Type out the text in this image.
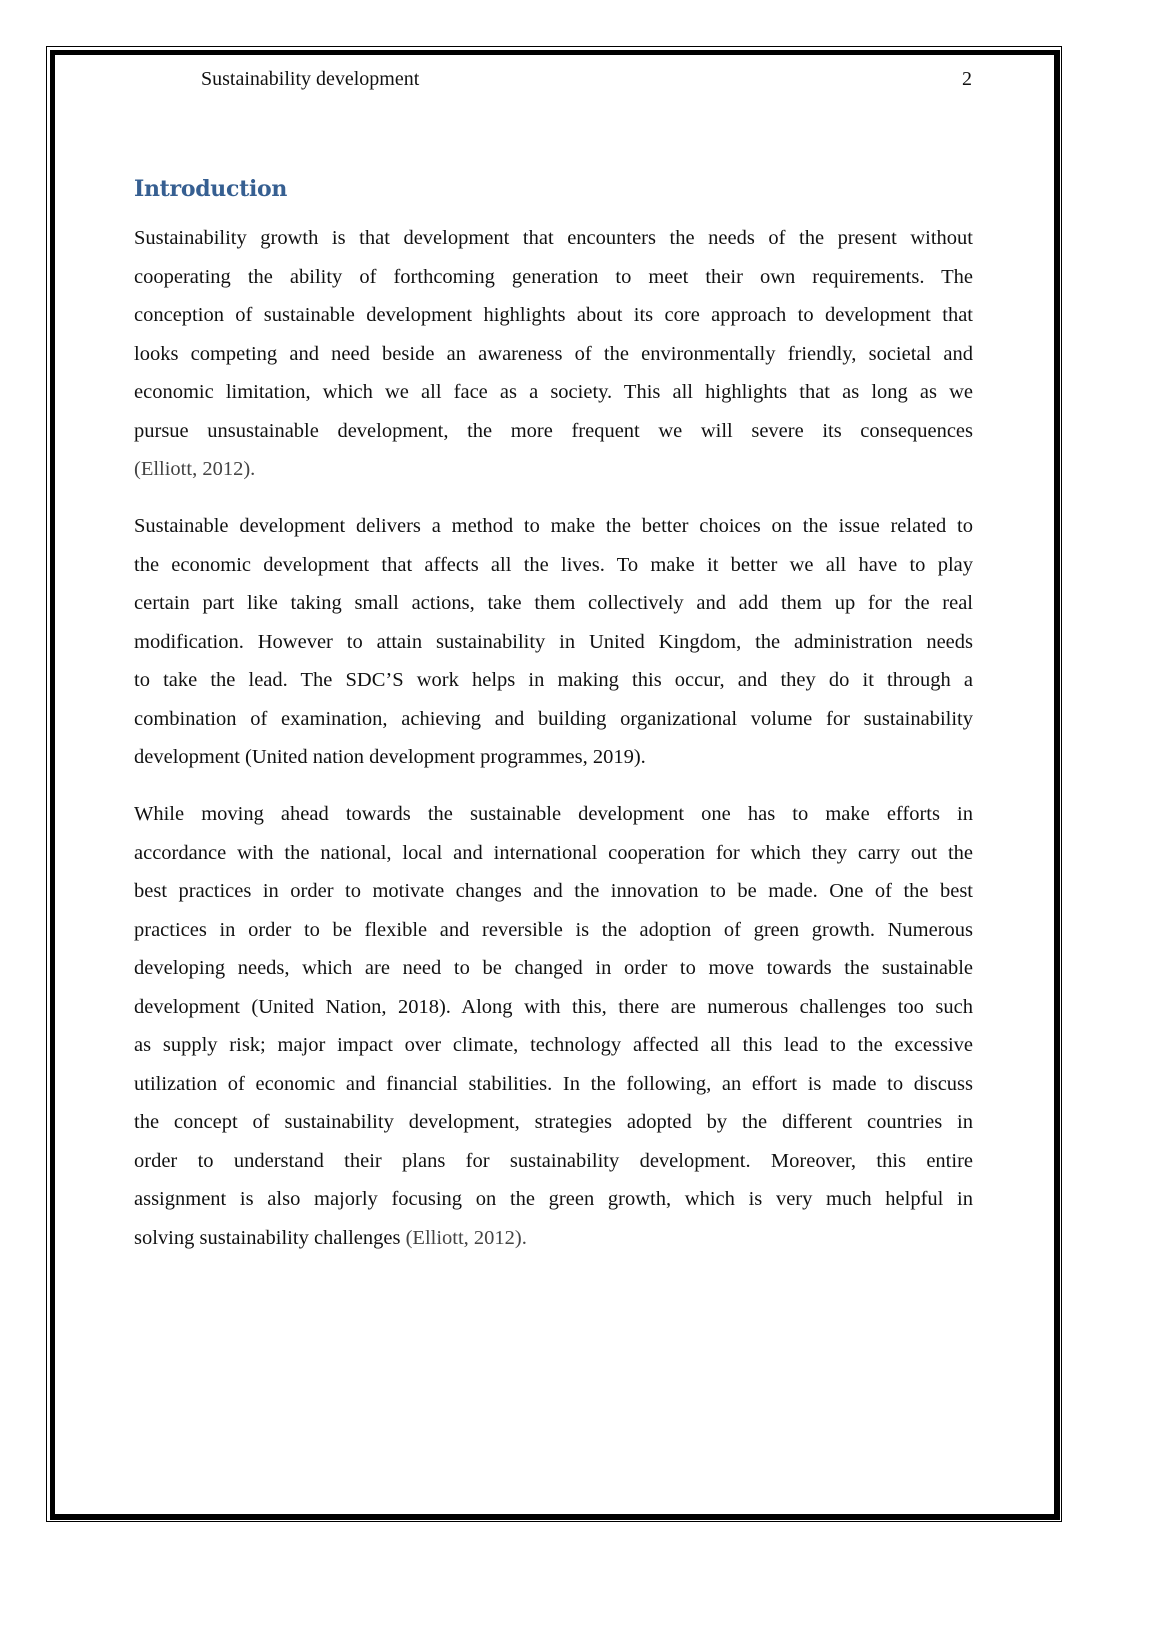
Sustainability development	2
Introduction
Sustainability growth is that development that encounters the needs of the present without
cooperating the ability of forthcoming generation to meet their own requirements. The
conception of sustainable development highlights about its core approach to development that
looks competing and need beside an awareness of the environmentally friendly, societal and
economic limitation, which we all face as a society. This all highlights that as long as we
pursue unsustainable development, the more frequent we will severe its consequences
(Elliott, 2012).
Sustainable development delivers a method to make the better choices on the issue related to
the economic development that affects all the lives. To make it better we all have to play
certain part like taking small actions, take them collectively and add them up for the real
modification. However to attain sustainability in United Kingdom, the administration needs
to take the lead. The SDC’S work helps in making this occur, and they do it through a
combination of examination, achieving and building organizational volume for sustainability
development (United nation development programmes, 2019).
While moving ahead towards the sustainable development one has to make efforts in
accordance with the national, local and international cooperation for which they carry out the
best practices in order to motivate changes and the innovation to be made. One of the best
practices in order to be flexible and reversible is the adoption of green growth. Numerous
developing needs, which are need to be changed in order to move towards the sustainable
development (United Nation, 2018). Along with this, there are numerous challenges too such
as supply risk; major impact over climate, technology affected all this lead to the excessive
utilization of economic and financial stabilities. In the following, an effort is made to discuss
the concept of sustainability development, strategies adopted by the different countries in
order to understand their plans for sustainability development. Moreover, this entire
assignment is also majorly focusing on the green growth, which is very much helpful in
solving sustainability challenges (Elliott, 2012).
